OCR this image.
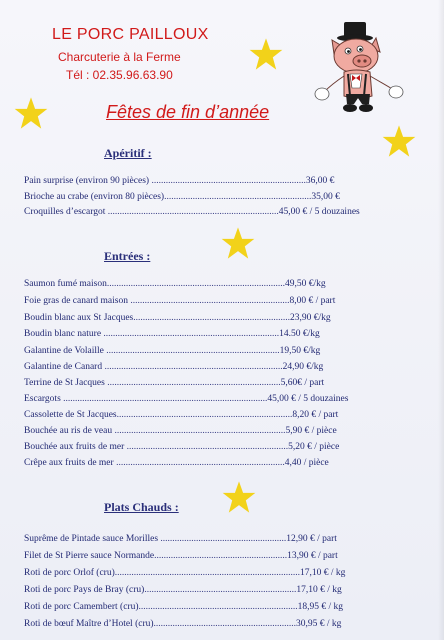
LE PORC PAILLOUX
Charcuterie à la Ferme
Tél : 02.35.96.63.90
Fêtes de fin d’année
Apéritif :
Pain surprise (environ 90 pièces) .................................................................36,00 €
Brioche au crabe (environ 80 pièces)..............................................................35,00 €
Croquilles d’escargot ........................................................................45,00 € / 5 douzaines
Entrées :
Saumon fumé maison...........................................................................49,50 €/kg
Foie gras de canard maison ...................................................................8,00 € / part
Boudin blanc aux St Jacques..................................................................23,90 €/kg
Boudin blanc nature ..........................................................................14.50 €/kg
Galantine de Volaille .........................................................................19,50 €/kg
Galantine de Canard ...........................................................................24,90 €/kg
Terrine de St Jacques .........................................................................5,60€ / part
Escargots ......................................................................................45,00 € / 5 douzaines
Cassolette de St Jacques..........................................................................8,20 € / part
Bouchée au ris de veau ........................................................................5,90 € / pièce
Bouchée aux fruits de mer ....................................................................5,20 € / pièce
Crêpe aux fruits de mer .......................................................................4,40 / pièce
Plats Chauds :
Suprême de Pintade sauce Morilles .....................................................12,90 € / part
Filet de St Pierre sauce Normande........................................................13,90 € / part
Roti de porc Orlof (cru)..............................................................................17,10 € / kg
Roti de porc Pays de Bray (cru)................................................................17,10 € / kg
Roti de porc Camembert (cru)...................................................................18,95 € / kg
Roti de bœuf Maître d’Hotel (cru)............................................................30,95 € / kg
